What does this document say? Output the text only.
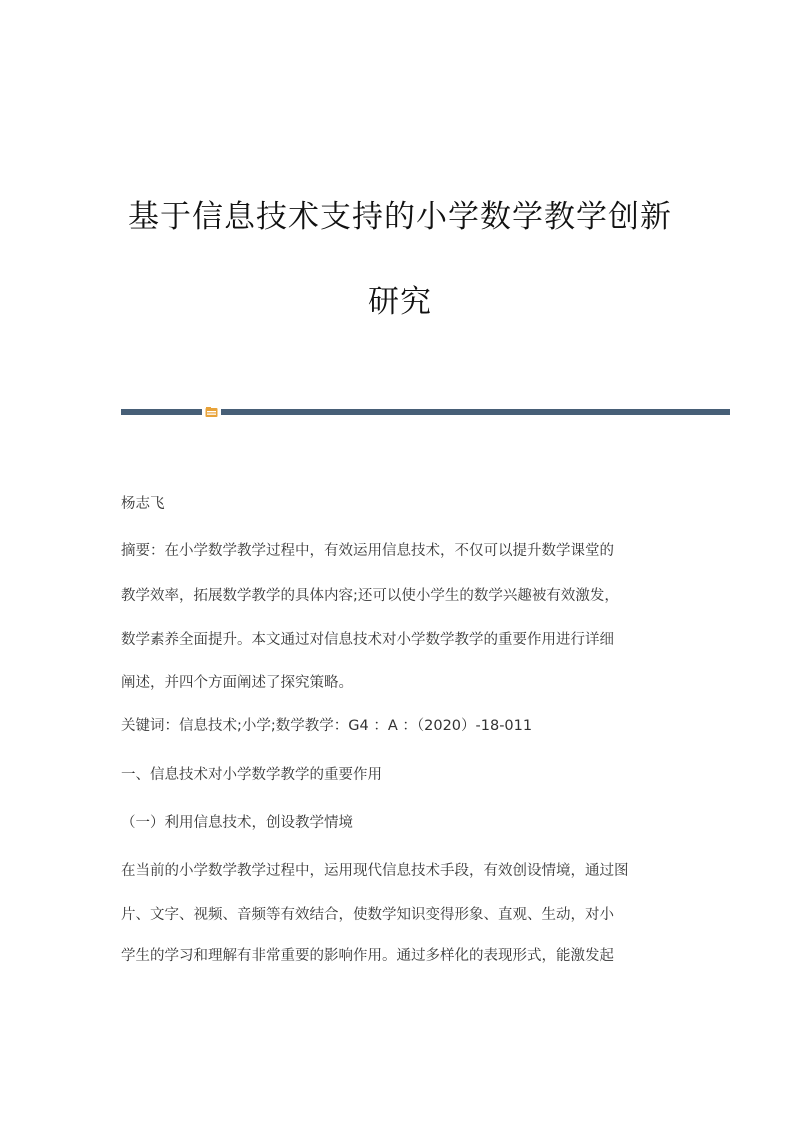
基于信息技术支持的小学数学教学创新
研究
杨志飞
摘要：在小学数学教学过程中，有效运用信息技术，不仅可以提升数学课堂的
教学效率，拓展数学教学的具体内容;还可以使小学生的数学兴趣被有效激发，
数学素养全面提升。本文通过对信息技术对小学数学教学的重要作用进行详细
阐述，并四个方面阐述了探究策略。
关键词：信息技术;小学;数学教学：G4 ：A ：（2020）-18-011
一、信息技术对小学数学教学的重要作用
（一）利用信息技术，创设教学情境
在当前的小学数学教学过程中，运用现代信息技术手段，有效创设情境，通过图
片、文字、视频、音频等有效结合，使数学知识变得形象、直观、生动，对小
学生的学习和理解有非常重要的影响作用。通过多样化的表现形式，能激发起
